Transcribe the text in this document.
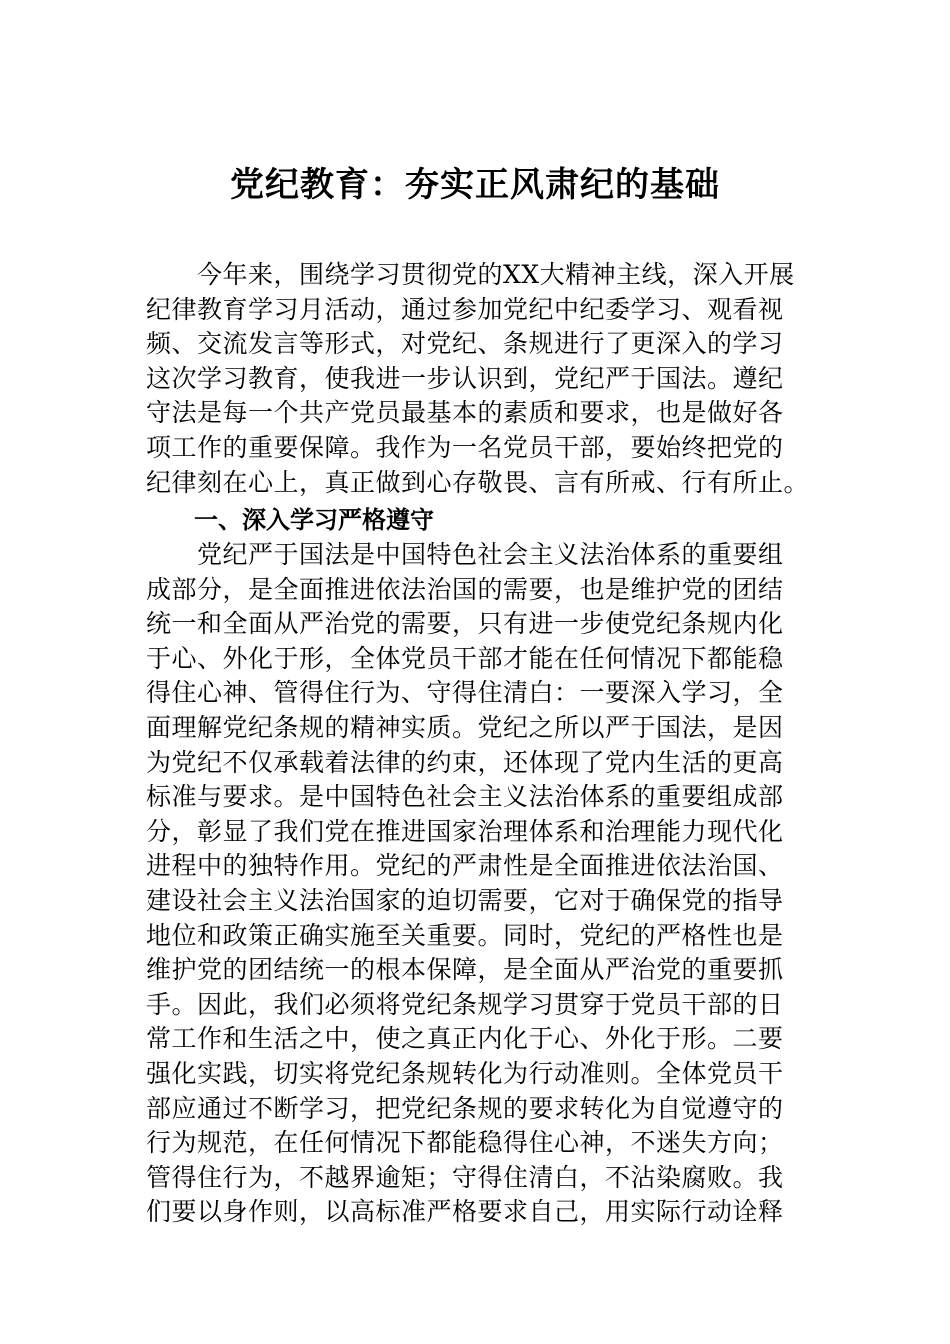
党纪教育：夯实正风肃纪的基础
　　今年来，围绕学习贯彻党的XX大精神主线，深入开展
纪律教育学习月活动，通过参加党纪中纪委学习、观看视
频、交流发言等形式，对党纪、条规进行了更深入的学习
这次学习教育，使我进一步认识到，党纪严于国法。遵纪
守法是每一个共产党员最基本的素质和要求，也是做好各
项工作的重要保障。我作为一名党员干部，要始终把党的
纪律刻在心上，真正做到心存敬畏、言有所戒、行有所止。
一、深入学习严格遵守
　　党纪严于国法是中国特色社会主义法治体系的重要组
成部分，是全面推进依法治国的需要，也是维护党的团结
统一和全面从严治党的需要，只有进一步使党纪条规内化
于心、外化于形，全体党员干部才能在任何情况下都能稳
得住心神、管得住行为、守得住清白：一要深入学习，全
面理解党纪条规的精神实质。党纪之所以严于国法，是因
为党纪不仅承载着法律的约束，还体现了党内生活的更高
标准与要求。是中国特色社会主义法治体系的重要组成部
分，彰显了我们党在推进国家治理体系和治理能力现代化
进程中的独特作用。党纪的严肃性是全面推进依法治国、
建设社会主义法治国家的迫切需要，它对于确保党的指导
地位和政策正确实施至关重要。同时，党纪的严格性也是
维护党的团结统一的根本保障，是全面从严治党的重要抓
手。因此，我们必须将党纪条规学习贯穿于党员干部的日
常工作和生活之中，使之真正内化于心、外化于形。二要
强化实践，切实将党纪条规转化为行动准则。全体党员干
部应通过不断学习，把党纪条规的要求转化为自觉遵守的
行为规范，在任何情况下都能稳得住心神，不迷失方向；
管得住行为，不越界逾矩；守得住清白，不沾染腐败。我
们要以身作则，以高标准严格要求自己，用实际行动诠释
